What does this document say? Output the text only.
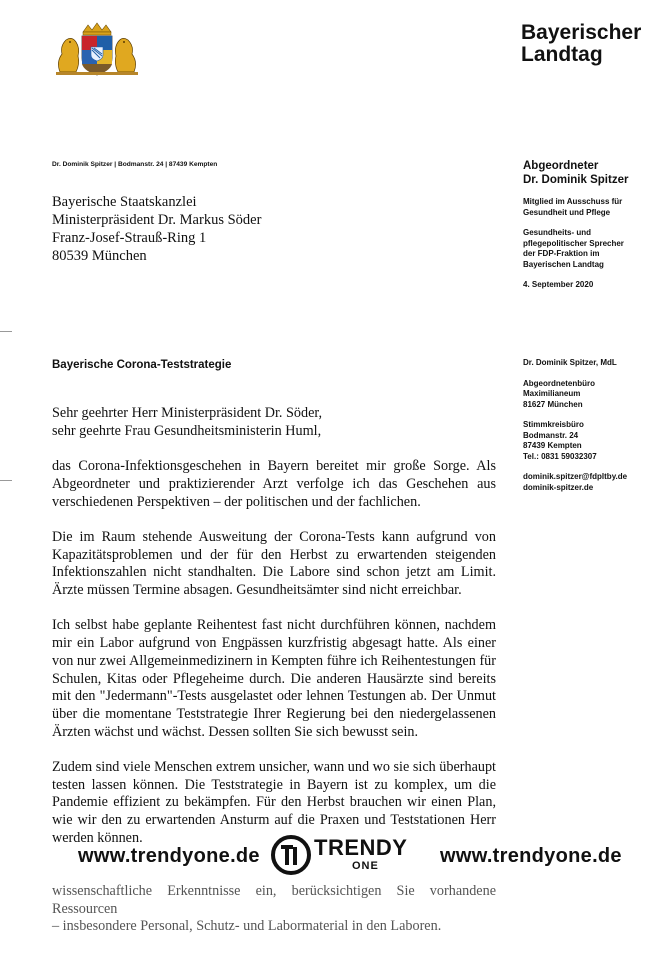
Bayerischer
Landtag
Dr. Dominik Spitzer | Bodmanstr. 24 | 87439 Kempten
Bayerische Staatskanzlei
Ministerpräsident Dr. Markus Söder
Franz-Josef-Strauß-Ring 1
80539 München
Abgeordneter
Dr. Dominik Spitzer
Mitglied im Ausschuss für
Gesundheit und Pflege
Gesundheits- und
pflegepolitischer Sprecher
der FDP-Fraktion im
Bayerischen Landtag
4. September 2020
Bayerische Corona-Teststrategie	Dr. Dominik Spitzer, MdL
Abgeordnetenbüro
Maximilianeum
81627 München
Stimmkreisbüro
Bodmanstr. 24
87439 Kempten
Tel.: 0831 59032307
dominik.spitzer@fdpltby.de
dominik-spitzer.de
Sehr geehrter Herr Ministerpräsident Dr. Söder,
sehr geehrte Frau Gesundheitsministerin Huml,
das Corona-Infektionsgeschehen in Bayern bereitet mir große Sorge. Als Abgeordneter und praktizierender Arzt verfolge ich das Geschehen aus verschiedenen Perspektiven – der politischen und der fachlichen.
Die im Raum stehende Ausweitung der Corona-Tests kann aufgrund von Kapazitätsproblemen und der für den Herbst zu erwartenden steigenden Infektionszahlen nicht standhalten. Die Labore sind schon jetzt am Limit. Ärzte müssen Termine absagen. Gesundheitsämter sind nicht erreichbar.
Ich selbst habe geplante Reihentest fast nicht durchführen können, nachdem mir ein Labor aufgrund von Engpässen kurzfristig abgesagt hatte. Als einer von nur zwei Allgemeinmedizinern in Kempten führe ich Reihentestungen für Schulen, Kitas oder Pflegeheime durch. Die anderen Hausärzte sind bereits mit den "Jedermann"-Tests ausgelastet oder lehnen Testungen ab. Der Unmut über die momentane Teststrategie Ihrer Regierung bei den niedergelassenen Ärzten wächst und wächst. Dessen sollten Sie sich bewusst sein.
Zudem sind viele Menschen extrem unsicher, wann und wo sie sich überhaupt testen lassen können. Die Teststrategie in Bayern ist zu komplex, um die Pandemie effizient zu bekämpfen. Für den Herbst brauchen wir einen Plan, wie wir den zu erwartenden Ansturm auf die Praxen und Teststationen Herr werden können.
wissenschaftliche Erkenntnisse ein, berücksichtigen Sie vorhandene Ressourcen
– insbesondere Personal, Schutz- und Labormaterial in den Laboren.
www.trendyone.de TRENDY
ONE	www.trendyone.de
